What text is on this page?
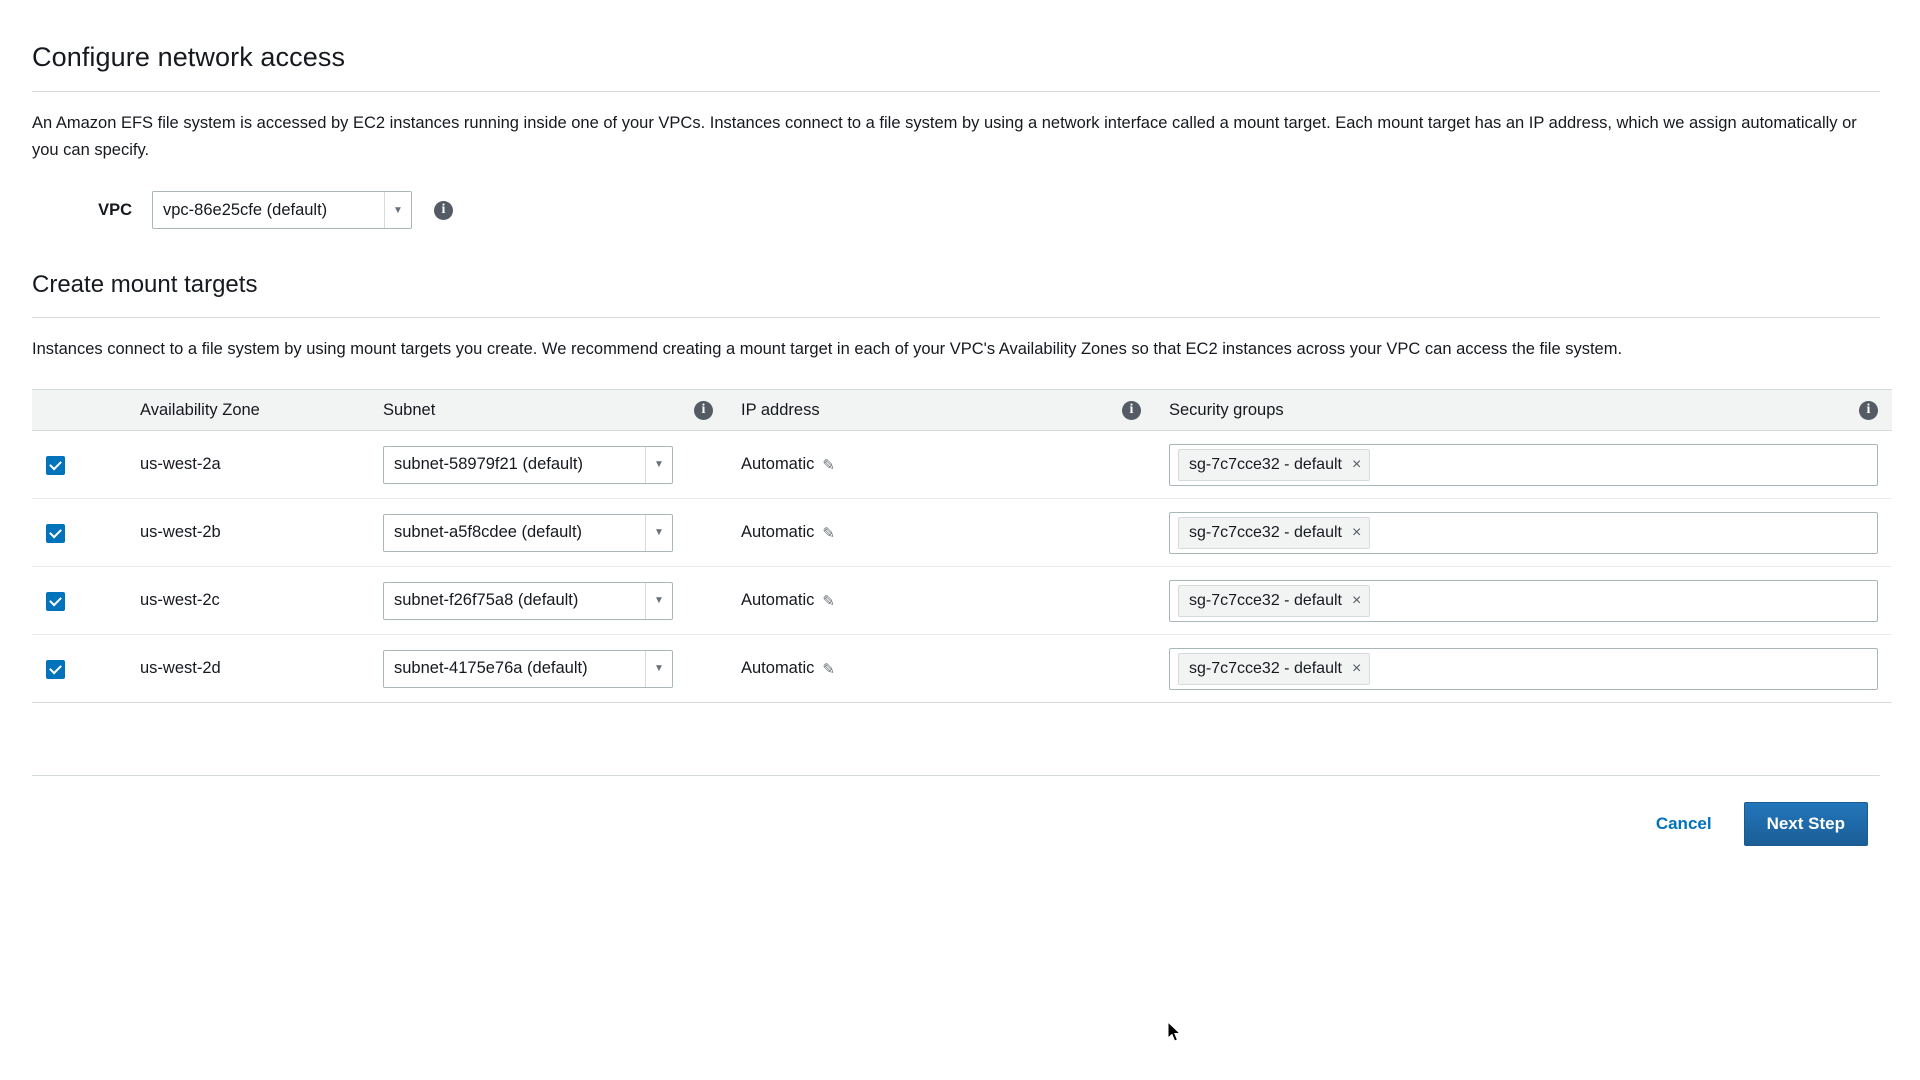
Configure network access

An Amazon EFS file system is accessed by EC2 instances running inside one of your VPCs. Instances connect to a file system by using a network interface called a mount target. Each mount target has an IP address, which we assign automatically or you can specify.

VPC	vpc-86e25cfe (default)	▼	i
Create mount targets

Instances connect to a file system by using mount targets you create. We recommend creating a mount target in each of your VPC's Availability Zones so that EC2 instances across your VPC can access the file system.

	Availability Zone	Subnet i	IP address i	Security groups i

	us-west-2a	subnet-58979f21 (default) ▼	Automatic ✎	sg-7c7cce32 - default ×

	us-west-2b	subnet-a5f8cdee (default) ▼	Automatic ✎	sg-7c7cce32 - default ×

	us-west-2c	subnet-f26f75a8 (default) ▼	Automatic ✎	sg-7c7cce32 - default ×

	us-west-2d	subnet-4175e76a (default) ▼	Automatic ✎	sg-7c7cce32 - default ×
Cancel	Next Step
